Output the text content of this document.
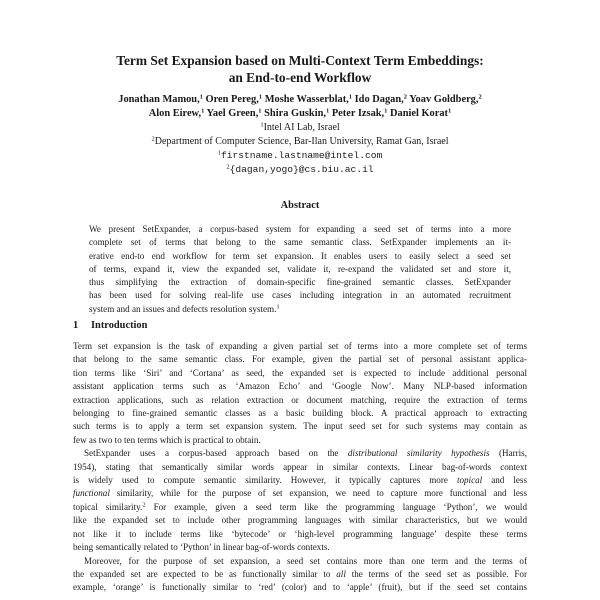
Term Set Expansion based on Multi-Context Term Embeddings:
an End-to-end Workflow
Jonathan Mamou,$^1$ Oren Pereg,$^1$ Moshe Wasserblat,$^1$ Ido Dagan,$^2$ Yoav Goldberg,$^2$
Alon Eirew,$^1$ Yael Green,$^1$ Shira Guskin,$^1$ Peter Izsak,$^1$ Daniel Korat$^1$
$^1$Intel AI Lab, Israel
$^2$Department of Computer Science, Bar-Ilan University, Ramat Gan, Israel
$^1$firstname.lastname@intel.com
$^2${dagan,yogo}@cs.biu.ac.il
Abstract
We present SetExpander, a corpus-based system for expanding a seed set of terms into a more
complete set of terms that belong to the same semantic class. SetExpander implements an it-
erative end-to end workflow for term set expansion. It enables users to easily select a seed set
of terms, expand it, view the expanded set, validate it, re-expand the validated set and store it,
thus simplifying the extraction of domain-specific fine-grained semantic classes. SetExpander
has been used for solving real-life use cases including integration in an automated recruitment
system and an issues and defects resolution system.$^1$
1 Introduction
Term set expansion is the task of expanding a given partial set of terms into a more complete set of terms
that belong to the same semantic class. For example, given the partial set of personal assistant applica-
tion terms like ‘Siri’ and ‘Cortana’ as seed, the expanded set is expected to include additional personal
assistant application terms such as ‘Amazon Echo’ and ‘Google Now’. Many NLP-based information
extraction applications, such as relation extraction or document matching, require the extraction of terms
belonging to fine-grained semantic classes as a basic building block. A practical approach to extracting
such terms is to apply a term set expansion system. The input seed set for such systems may contain as
few as two to ten terms which is practical to obtain.
SetExpander uses a corpus-based approach based on the distributional similarity hypothesis (Harris,
1954), stating that semantically similar words appear in similar contexts. Linear bag-of-words context
is widely used to compute semantic similarity. However, it typically captures more topical and less
functional similarity, while for the purpose of set expansion, we need to capture more functional and less
topical similarity.$^2$ For example, given a seed term like the programming language ‘Python’, we would
like the expanded set to include other programming languages with similar characteristics, but we would
not like it to include terms like ‘bytecode’ or ‘high-level programming language’ despite these terms
being semantically related to ‘Python’ in linear bag-of-words contexts.
Moreover, for the purpose of set expansion, a seed set contains more than one term and the terms of
the expanded set are expected to be as functionally similar to all the terms of the seed set as possible. For
example, ‘orange’ is functionally similar to ‘red’ (color) and to ‘apple’ (fruit), but if the seed set contains
